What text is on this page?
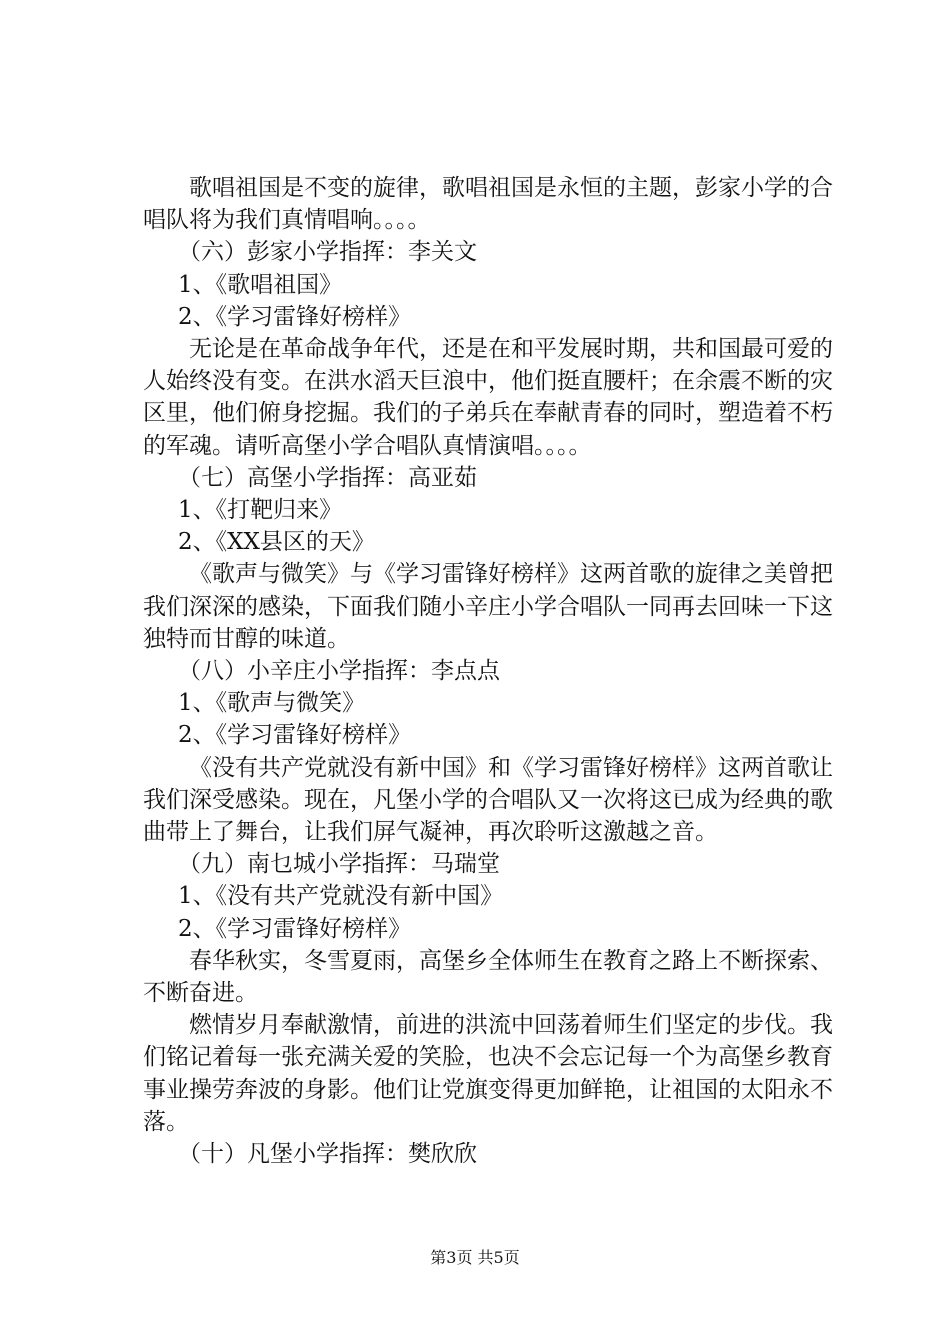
歌唱祖国是不变的旋律，歌唱祖国是永恒的主题，彭家小学的合唱队将为我们真情唱响。。。。

（六）彭家小学指挥：李关文

1、《歌唱祖国》

2、《学习雷锋好榜样》

无论是在革命战争年代，还是在和平发展时期，共和国最可爱的人始终没有变。在洪水滔天巨浪中，他们挺直腰杆；在余震不断的灾区里，他们俯身挖掘。我们的子弟兵在奉献青春的同时，塑造着不朽的军魂。请听高堡小学合唱队真情演唱。。。。

（七）高堡小学指挥：高亚茹

1、《打靶归来》

2、《XX县区的天》

《歌声与微笑》与《学习雷锋好榜样》这两首歌的旋律之美曾把我们深深的感染，下面我们随小辛庄小学合唱队一同再去回味一下这独特而甘醇的味道。

（八）小辛庄小学指挥：李点点

1、《歌声与微笑》

2、《学习雷锋好榜样》

《没有共产党就没有新中国》和《学习雷锋好榜样》这两首歌让我们深受感染。现在，凡堡小学的合唱队又一次将这已成为经典的歌曲带上了舞台，让我们屏气凝神，再次聆听这激越之音。

（九）南乜城小学指挥：马瑞堂

1、《没有共产党就没有新中国》

2、《学习雷锋好榜样》

春华秋实，冬雪夏雨，高堡乡全体师生在教育之路上不断探索、不断奋进。

燃情岁月奉献激情，前进的洪流中回荡着师生们坚定的步伐。我们铭记着每一张充满关爱的笑脸，也决不会忘记每一个为高堡乡教育事业操劳奔波的身影。他们让党旗变得更加鲜艳，让祖国的太阳永不落。

（十）凡堡小学指挥：樊欣欣

第3页 共5页
